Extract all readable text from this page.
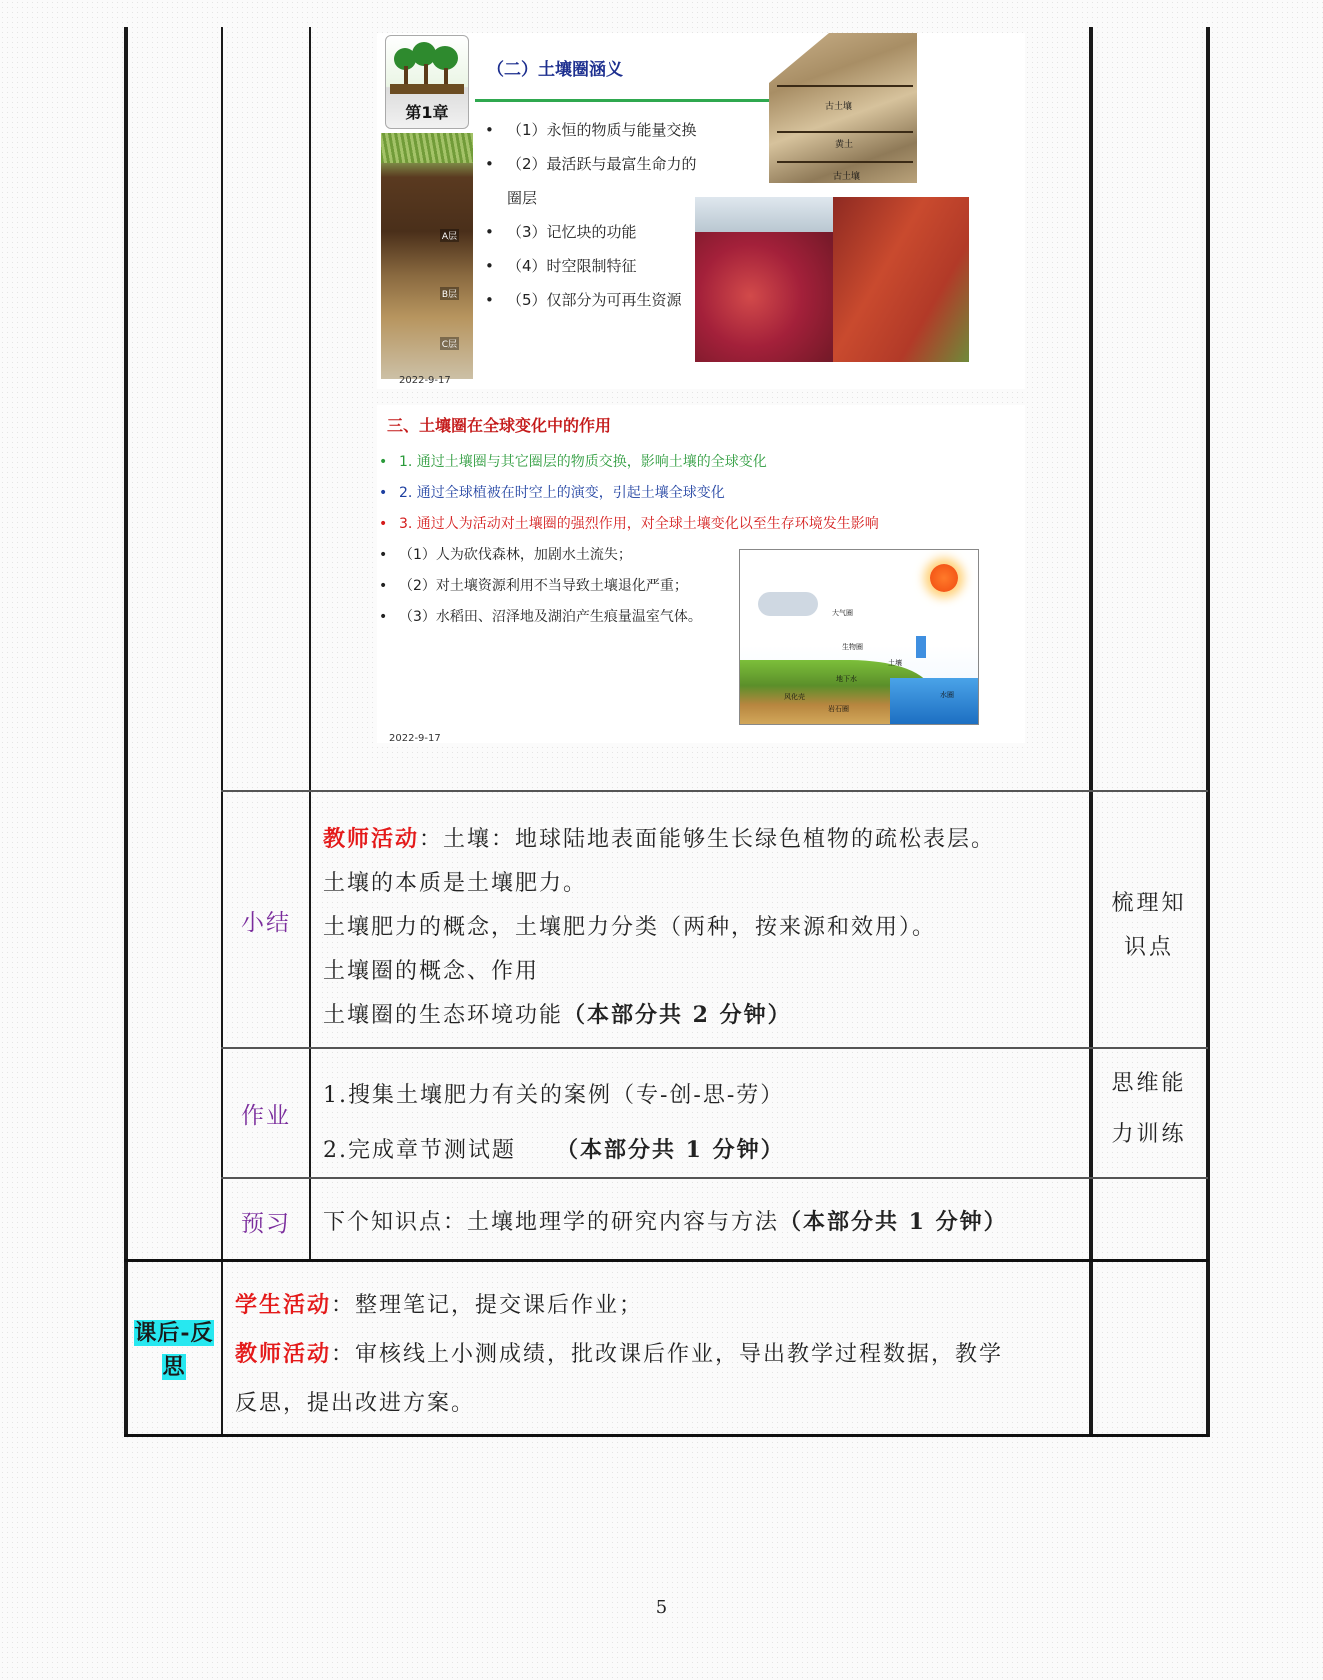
第1章
A层
B层
C层
2022-9-17
（二）土壤圈涵义
• （1）永恒的物质与能量交换
• （2）最活跃与最富生命力的
圈层
• （3）记忆块的功能
• （4）时空限制特征
• （5）仅部分为可再生资源
古土壤
黄土
古土壤
三、土壤圈在全球变化中的作用
• 1. 通过土壤圈与其它圈层的物质交换，影响土壤的全球变化
• 2. 通过全球植被在时空上的演变，引起土壤全球变化
• 3. 通过人为活动对土壤圈的强烈作用，对全球土壤变化以至生存环境发生影响
• （1）人为砍伐森林，加剧水土流失；
• （2）对土壤资源利用不当导致土壤退化严重；
• （3）水稻田、沼泽地及湖泊产生痕量温室气体。
2022-9-17
大气圈
生物圈
土壤
地下水
风化壳
岩石圈
水圈
小结
教师活动：土壤：地球陆地表面能够生长绿色植物的疏松表层。
土壤的本质是土壤肥力。
土壤肥力的概念，土壤肥力分类（两种，按来源和效用）。
土壤圈的概念、作用
土壤圈的生态环境功能（本部分共 2 分钟）
梳理知
识点
作业
1.搜集土壤肥力有关的案例（专-创-思-劳）
2.完成章节测试题 （本部分共 1 分钟）
思维能
力训练
预习 下个知识点：土壤地理学的研究内容与方法（本部分共 1 分钟）
课后-反
思
学生活动：整理笔记，提交课后作业；
教师活动：审核线上小测成绩，批改课后作业，导出教学过程数据，教学
反思，提出改进方案。
5
